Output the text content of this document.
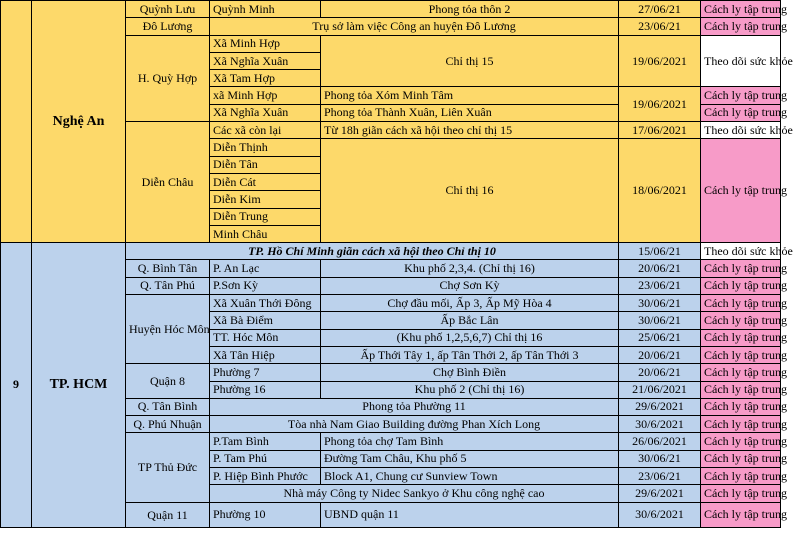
	Nghệ An	Quỳnh Lưu	Quỳnh Minh	Phong tỏa thôn 2	27/06/21	Cách ly tập trung
		Đô Lương	Trụ sở làm việc Công an huyện Đô Lương		23/06/21	Cách ly tập trung
		H. Quỳ Hợp	Xã Minh Hợp	Chỉ thị 15	19/06/2021	Theo dõi sức khỏe
			Xã Nghĩa Xuân			
			Xã Tam Hợp			
			xã Minh Hợp	Phong tỏa Xóm Minh Tâm	19/06/2021	Cách ly tập trung
			Xã Nghĩa Xuân	Phong tỏa Thành Xuân, Liên Xuân		Cách ly tập trung
		Diễn Châu	Các xã còn lại	Từ 18h giãn cách xã hội theo chỉ thị 15	17/06/2021	Theo dõi sức khỏe
			Diễn Thịnh	Chỉ thị 16	18/06/2021	Cách ly tập trung
			Diễn Tân			
			Diễn Cát			
			Diễn Kim			
			Diễn Trung			
			Minh Châu			
9	TP. HCM	TP. Hồ Chí Minh giãn cách xã hội theo Chỉ thị 10			15/06/21	Theo dõi sức khỏe
		Q. Bình Tân	P. An Lạc	Khu phố 2,3,4. (Chỉ thị 16)	20/06/21	Cách ly tập trung
		Q. Tân Phú	P.Sơn Kỳ	Chợ Sơn Kỳ	23/06/21	Cách ly tập trung
		Huyện Hóc Môn	Xã Xuân Thới Đông	Chợ đầu mối, Ấp 3, Ấp Mỹ Hòa 4	30/06/21	Cách ly tập trung
			Xã Bà Điểm	Ấp Bắc Lân	30/06/21	Cách ly tập trung
			TT. Hóc Môn	(Khu phố 1,2,5,6,7) Chỉ thị 16	25/06/21	Cách ly tập trung
			Xã Tân Hiệp	Ấp Thới Tây 1, ấp Tân Thới 2, ấp Tân Thới 3	20/06/21	Cách ly tập trung
		Quận 8	Phường 7	Chợ Bình Điền	20/06/21	Cách ly tập trung
			Phường 16	Khu phố 2 (Chỉ thị 16)	21/06/2021	Cách ly tập trung
		Q. Tân Bình	Phong tỏa Phường 11		29/6/2021	Cách ly tập trung
		Q. Phú Nhuận	Tòa nhà Nam Giao Building đường Phan Xích Long		30/6/2021	Cách ly tập trung
		TP Thủ Đức	P.Tam Bình	Phong tỏa chợ Tam Bình	26/06/2021	Cách ly tập trung
			P. Tam Phú	Đường Tam Châu, Khu phố 5	30/06/21	Cách ly tập trung
			P. Hiệp Bình Phước	Block A1, Chung cư Sunview Town	23/06/21	Cách ly tập trung
			Nhà máy Công ty Nidec Sankyo ở Khu công nghệ cao		29/6/2021	Cách ly tập trung
		Quận 11	Phường 10	UBND quận 11	30/6/2021	Cách ly tập trung
